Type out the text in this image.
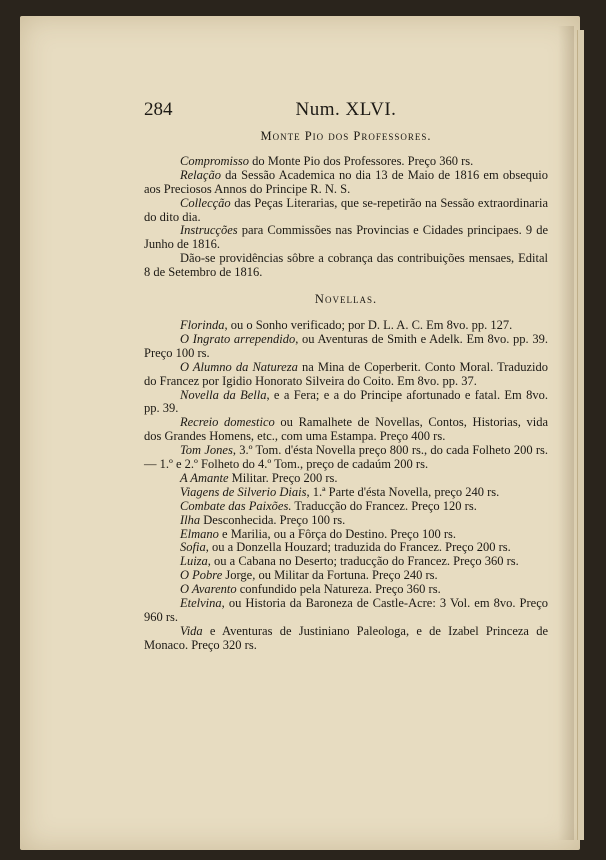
284	Num. XLVI.

Monte Pio dos Professores.

Compromisso do Monte Pio dos Professores. Preço 360 rs.

Relação da Sessão Academica no dia 13 de Maio de 1816 em obsequio aos Preciosos Annos do Principe R. N. S.

Collecção das Peças Literarias, que se-repetirão na Sessão extraordinaria do dito dia.

Instrucções para Commissões nas Provincias e Cidades principaes. 9 de Junho de 1816.

Dão-se providências sôbre a cobrança das contribuições mensaes, Edital 8 de Setembro de 1816.

Novellas.

Florinda, ou o Sonho verificado; por D. L. A. C. Em 8vo. pp. 127.

O Ingrato arrependido, ou Aventuras de Smith e Adelk. Em 8vo. pp. 39. Preço 100 rs.

O Alumno da Natureza na Mina de Coperberit. Conto Moral. Traduzido do Francez por Igidio Honorato Silveira do Coito. Em 8vo. pp. 37.

Novella da Bella, e a Fera; e a do Principe afortunado e fatal. Em 8vo. pp. 39.

Recreio domestico ou Ramalhete de Novellas, Contos, Historias, vida dos Grandes Homens, etc., com uma Estampa. Preço 400 rs.

Tom Jones, 3.º Tom. d'ésta Novella preço 800 rs., do cada Folheto 200 rs. — 1.º e 2.º Folheto do 4.º Tom., preço de cadaúm 200 rs.

A Amante Militar. Preço 200 rs.

Viagens de Silverio Diais, 1.ª Parte d'ésta Novella, preço 240 rs.

Combate das Paixões. Traducção do Francez. Preço 120 rs.

Ilha Desconhecida. Preço 100 rs.

Elmano e Marilia, ou a Fôrça do Destino. Preço 100 rs.

Sofia, ou a Donzella Houzard; traduzida do Francez. Preço 200 rs.

Luiza, ou a Cabana no Deserto; traducção do Francez. Preço 360 rs.

O Pobre Jorge, ou Militar da Fortuna. Preço 240 rs.

O Avarento confundido pela Natureza. Preço 360 rs.

Etelvina, ou Historia da Baroneza de Castle-Acre: 3 Vol. em 8vo. Preço 960 rs.

Vida e Aventuras de Justiniano Paleologa, e de Izabel Princeza de Monaco. Preço 320 rs.
